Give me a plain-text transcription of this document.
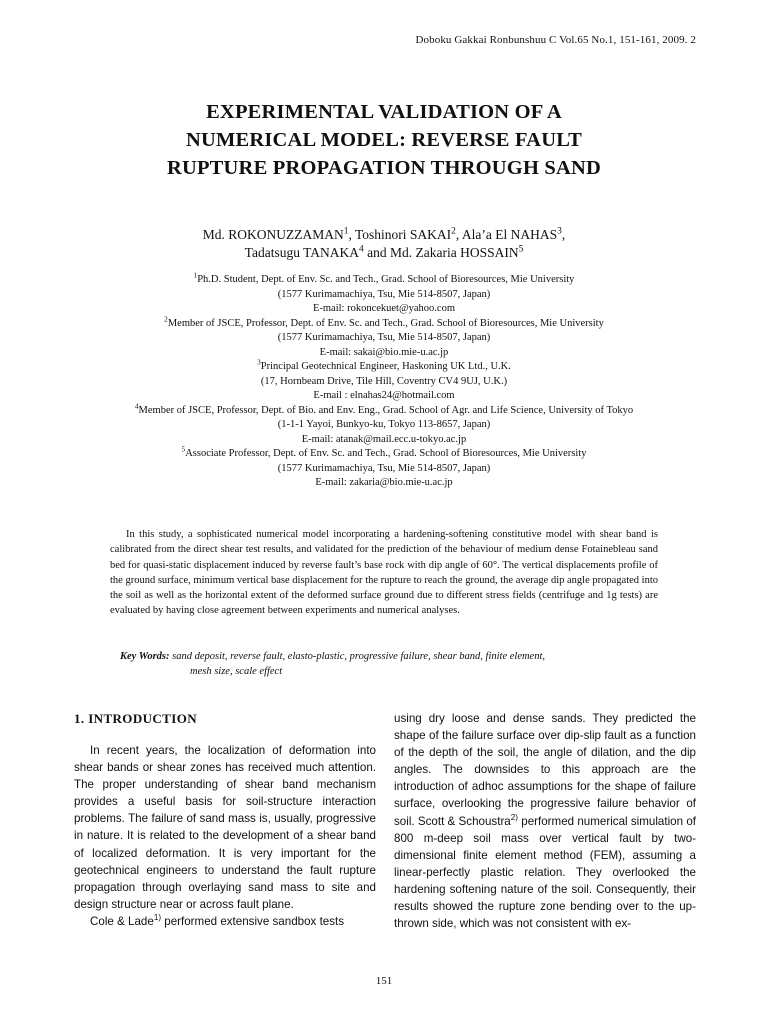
Doboku Gakkai Ronbunshuu C Vol.65 No.1, 151-161, 2009. 2
EXPERIMENTAL VALIDATION OF A
NUMERICAL MODEL: REVERSE FAULT
RUPTURE PROPAGATION THROUGH SAND
Md. ROKONUZZAMAN$^1$, Toshinori SAKAI$^2$, Ala’a El NAHAS$^3$,
Tadatsugu TANAKA$^4$ and Md. Zakaria HOSSAIN$^5$
$^1$Ph.D. Student, Dept. of Env. Sc. and Tech., Grad. School of Bioresources, Mie University
(1577 Kurimamachiya, Tsu, Mie 514-8507, Japan)
E-mail: rokoncekuet@yahoo.com
$^2$Member of JSCE, Professor, Dept. of Env. Sc. and Tech., Grad. School of Bioresources, Mie University
(1577 Kurimamachiya, Tsu, Mie 514-8507, Japan)
E-mail: sakai@bio.mie-u.ac.jp
$^3$Principal Geotechnical Engineer, Haskoning UK Ltd., U.K.
(17, Hornbeam Drive, Tile Hill, Coventry CV4 9UJ, U.K.)
E-mail : elnahas24@hotmail.com
$^4$Member of JSCE, Professor, Dept. of Bio. and Env. Eng., Grad. School of Agr. and Life Science, University of Tokyo
(1-1-1 Yayoi, Bunkyo-ku, Tokyo 113-8657, Japan)
E-mail: atanak@mail.ecc.u-tokyo.ac.jp
$^5$Associate Professor, Dept. of Env. Sc. and Tech., Grad. School of Bioresources, Mie University
(1577 Kurimamachiya, Tsu, Mie 514-8507, Japan)
E-mail: zakaria@bio.mie-u.ac.jp
In this study, a sophisticated numerical model incorporating a hardening-softening constitutive model with shear band is calibrated from the direct shear test results, and validated for the prediction of the behaviour of medium dense Fotainebleau sand bed for quasi-static displacement induced by reverse fault’s base rock with dip angle of 60°. The vertical displacements profile of the ground surface, minimum vertical base displacement for the rupture to reach the ground, the average dip angle propagated into the soil as well as the horizontal extent of the deformed surface ground due to different stress fields (centrifuge and 1g tests) are evaluated by having close agreement between experiments and numerical analyses.
Key Words: sand deposit, reverse fault, elasto-plastic, progressive failure, shear band, finite element,
mesh size, scale effect
1. INTRODUCTION

In recent years, the localization of deformation into shear bands or shear zones has received much attention. The proper understanding of shear band mechanism provides a useful basis for soil-structure interaction problems. The failure of sand mass is, usually, progressive in nature. It is related to the development of a shear band of localized deformation. It is very important for the geotechnical engineers to understand the fault rupture propagation through overlaying sand mass to site and design structure near or across fault plane.

Cole & Lade$^{1)}$ performed extensive sandbox tests

using dry loose and dense sands. They predicted the shape of the failure surface over dip-slip fault as a function of the depth of the soil, the angle of dilation, and the dip angles. The downsides to this approach are the introduction of adhoc assumptions for the shape of failure surface, overlooking the progressive failure behavior of soil. Scott & Schoustra$^{2)}$ performed numerical simulation of 800 m-deep soil mass over vertical fault by two-dimensional finite element method (FEM), assuming a linear-perfectly plastic relation. They overlooked the hardening softening nature of the soil. Consequently, their results showed the rupture zone bending over to the up-thrown side, which was not consistent with ex-

151
